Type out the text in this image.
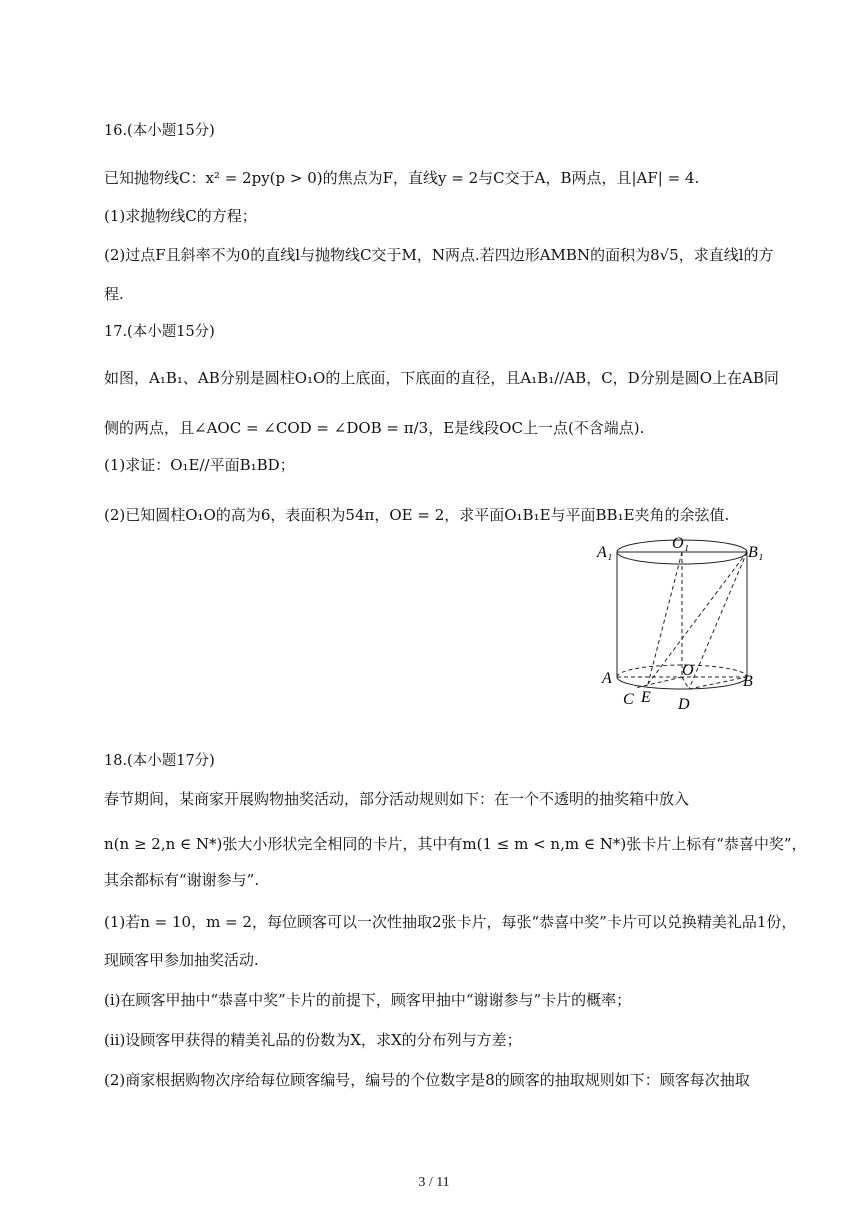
16.(本小题15分)
已知抛物线C：x² = 2py(p > 0)的焦点为F，直线y = 2与C交于A，B两点，且|AF| = 4.
(1)求抛物线C的方程；
(2)过点F且斜率不为0的直线l与抛物线C交于M，N两点.若四边形AMBN的面积为8√5，求直线l的方
程.
17.(本小题15分)
如图，A₁B₁、AB分别是圆柱O₁O的上底面，下底面的直径，且A₁B₁//AB，C，D分别是圆O上在AB同
侧的两点，且∠AOC = ∠COD = ∠DOB = π/3，E是线段OC上一点(不含端点).
(1)求证：O₁E//平面B₁BD；
(2)已知圆柱O₁O的高为6，表面积为54π，OE = 2，求平面O₁B₁E与平面BB₁E夹角的余弦值.
A₁
O₁
B₁
A	O
B
C E D
18.(本小题17分)
春节期间，某商家开展购物抽奖活动，部分活动规则如下：在一个不透明的抽奖箱中放入
n(n ≥ 2,n ∈ N*)张大小形状完全相同的卡片，其中有m(1 ≤ m < n,m ∈ N*)张卡片上标有“恭喜中奖”，
其余都标有“谢谢参与”.
(1)若n = 10，m = 2，每位顾客可以一次性抽取2张卡片，每张“恭喜中奖”卡片可以兑换精美礼品1份，
现顾客甲参加抽奖活动.
(i)在顾客甲抽中“恭喜中奖”卡片的前提下，顾客甲抽中“谢谢参与”卡片的概率；
(ii)设顾客甲获得的精美礼品的份数为X，求X的分布列与方差；
(2)商家根据购物次序给每位顾客编号，编号的个位数字是8的顾客的抽取规则如下：顾客每次抽取
3 / 11
